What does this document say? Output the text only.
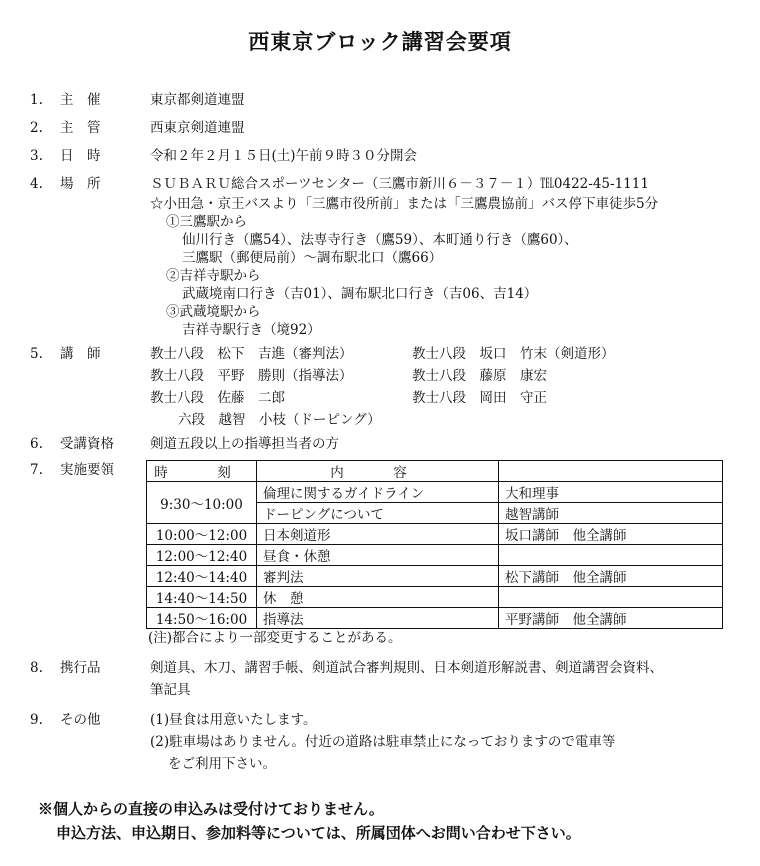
西東京ブロック講習会要項
1.	主　催	東京都剣道連盟
2.	主　管	西東京剣道連盟
3.	日　時	令和２年２月１５日(土)午前９時３０分開会
4.	場　所	ＳＵＢＡＲＵ総合スポーツセンター（三鷹市新川６－３７－１）℡0422-45-1111
☆小田急・京王バスより「三鷹市役所前」または「三鷹農協前」バス停下車徒歩5分
①三鷹駅から
仙川行き（鷹54）、法専寺行き（鷹59）、本町通り行き（鷹60）、
三鷹駅（郵便局前）～調布駅北口（鷹66）
②吉祥寺駅から
武蔵境南口行き（吉01）、調布駅北口行き（吉06、吉14）
③武蔵境駅から
吉祥寺駅行き（境92）
5.	講　師	教士八段　松下　吉進（審判法）	教士八段　坂口　竹末（剣道形）
教士八段　平野　勝則（指導法）	教士八段　藤原　康宏
教士八段　佐藤　二郎	教士八段　岡田　守正
六段　越智　小枝（ドーピング）
6.	受講資格	剣道五段以上の指導担当者の方
7.	実施要領	時　刻	内　容	
9:30～10:00	倫理に関するガイドライン	大和理事
	ドーピングについて	越智講師
10:00～12:00	日本剣道形	坂口講師　他全講師
12:00～12:40	昼食・休憩	
12:40～14:40	審判法	松下講師　他全講師
14:40～14:50	休　憩	
14:50～16:00	指導法	平野講師　他全講師
(注)都合により一部変更することがある。
8.	携行品	剣道具、木刀、講習手帳、剣道試合審判規則、日本剣道形解説書、剣道講習会資料、
筆記具
9.	その他	(1)昼食は用意いたします。
(2)駐車場はありません。付近の道路は駐車禁止になっておりますので電車等
をご利用下さい。
※個人からの直接の申込みは受付けておりません。
申込方法、申込期日、参加料等については、所属団体へお問い合わせ下さい。
